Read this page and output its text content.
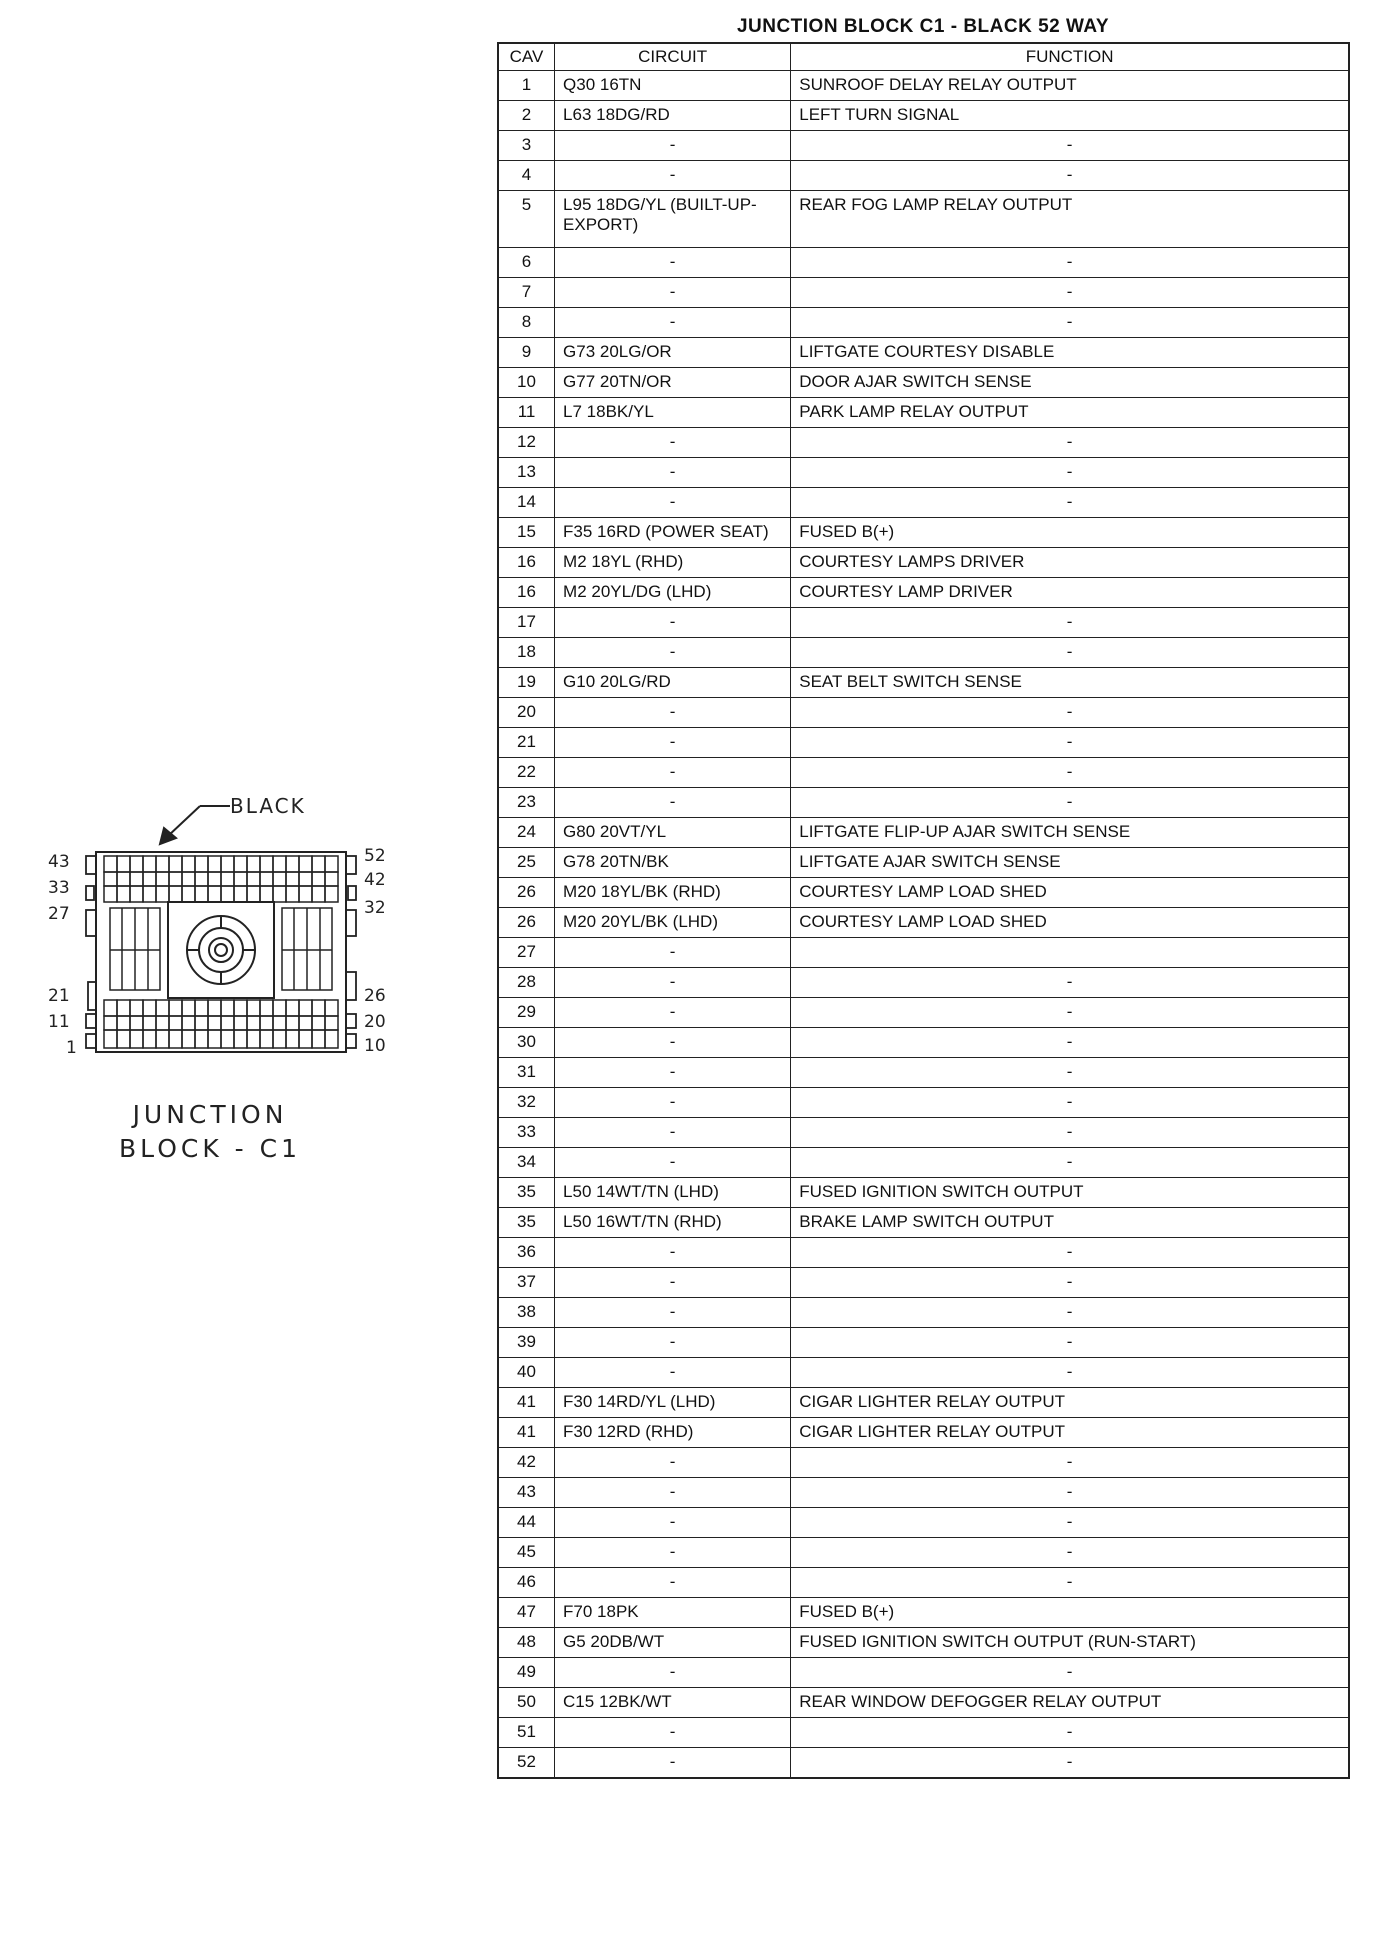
BLACK
43
33
27
21
11
1
52
42
32
26
20
10
JUNCTION
BLOCK - C1
JUNCTION BLOCK C1 - BLACK 52 WAY
CAV	CIRCUIT	FUNCTION
1	Q30 16TN	SUNROOF DELAY RELAY OUTPUT
2	L63 18DG/RD	LEFT TURN SIGNAL
3	-	-
4	-	-
5	L95 18DG/YL (BUILT-UP-EXPORT)	REAR FOG LAMP RELAY OUTPUT
6	-	-
7	-	-
8	-	-
9	G73 20LG/OR	LIFTGATE COURTESY DISABLE
10	G77 20TN/OR	DOOR AJAR SWITCH SENSE
11	L7 18BK/YL	PARK LAMP RELAY OUTPUT
12	-	-
13	-	-
14	-	-
15	F35 16RD (POWER SEAT)	FUSED B(+)
16	M2 18YL (RHD)	COURTESY LAMPS DRIVER
16	M2 20YL/DG (LHD)	COURTESY LAMP DRIVER
17	-	-
18	-	-
19	G10 20LG/RD	SEAT BELT SWITCH SENSE
20	-	-
21	-	-
22	-	-
23	-	-
24	G80 20VT/YL	LIFTGATE FLIP-UP AJAR SWITCH SENSE
25	G78 20TN/BK	LIFTGATE AJAR SWITCH SENSE
26	M20 18YL/BK (RHD)	COURTESY LAMP LOAD SHED
26	M20 20YL/BK (LHD)	COURTESY LAMP LOAD SHED
27	-	
28	-	-
29	-	-
30	-	-
31	-	-
32	-	-
33	-	-
34	-	-
35	L50 14WT/TN (LHD)	FUSED IGNITION SWITCH OUTPUT
35	L50 16WT/TN (RHD)	BRAKE LAMP SWITCH OUTPUT
36	-	-
37	-	-
38	-	-
39	-	-
40	-	-
41	F30 14RD/YL (LHD)	CIGAR LIGHTER RELAY OUTPUT
41	F30 12RD (RHD)	CIGAR LIGHTER RELAY OUTPUT
42	-	-
43	-	-
44	-	-
45	-	-
46	-	-
47	F70 18PK	FUSED B(+)
48	G5 20DB/WT	FUSED IGNITION SWITCH OUTPUT (RUN-START)
49	-	-
50	C15 12BK/WT	REAR WINDOW DEFOGGER RELAY OUTPUT
51	-	-
52	-	-
